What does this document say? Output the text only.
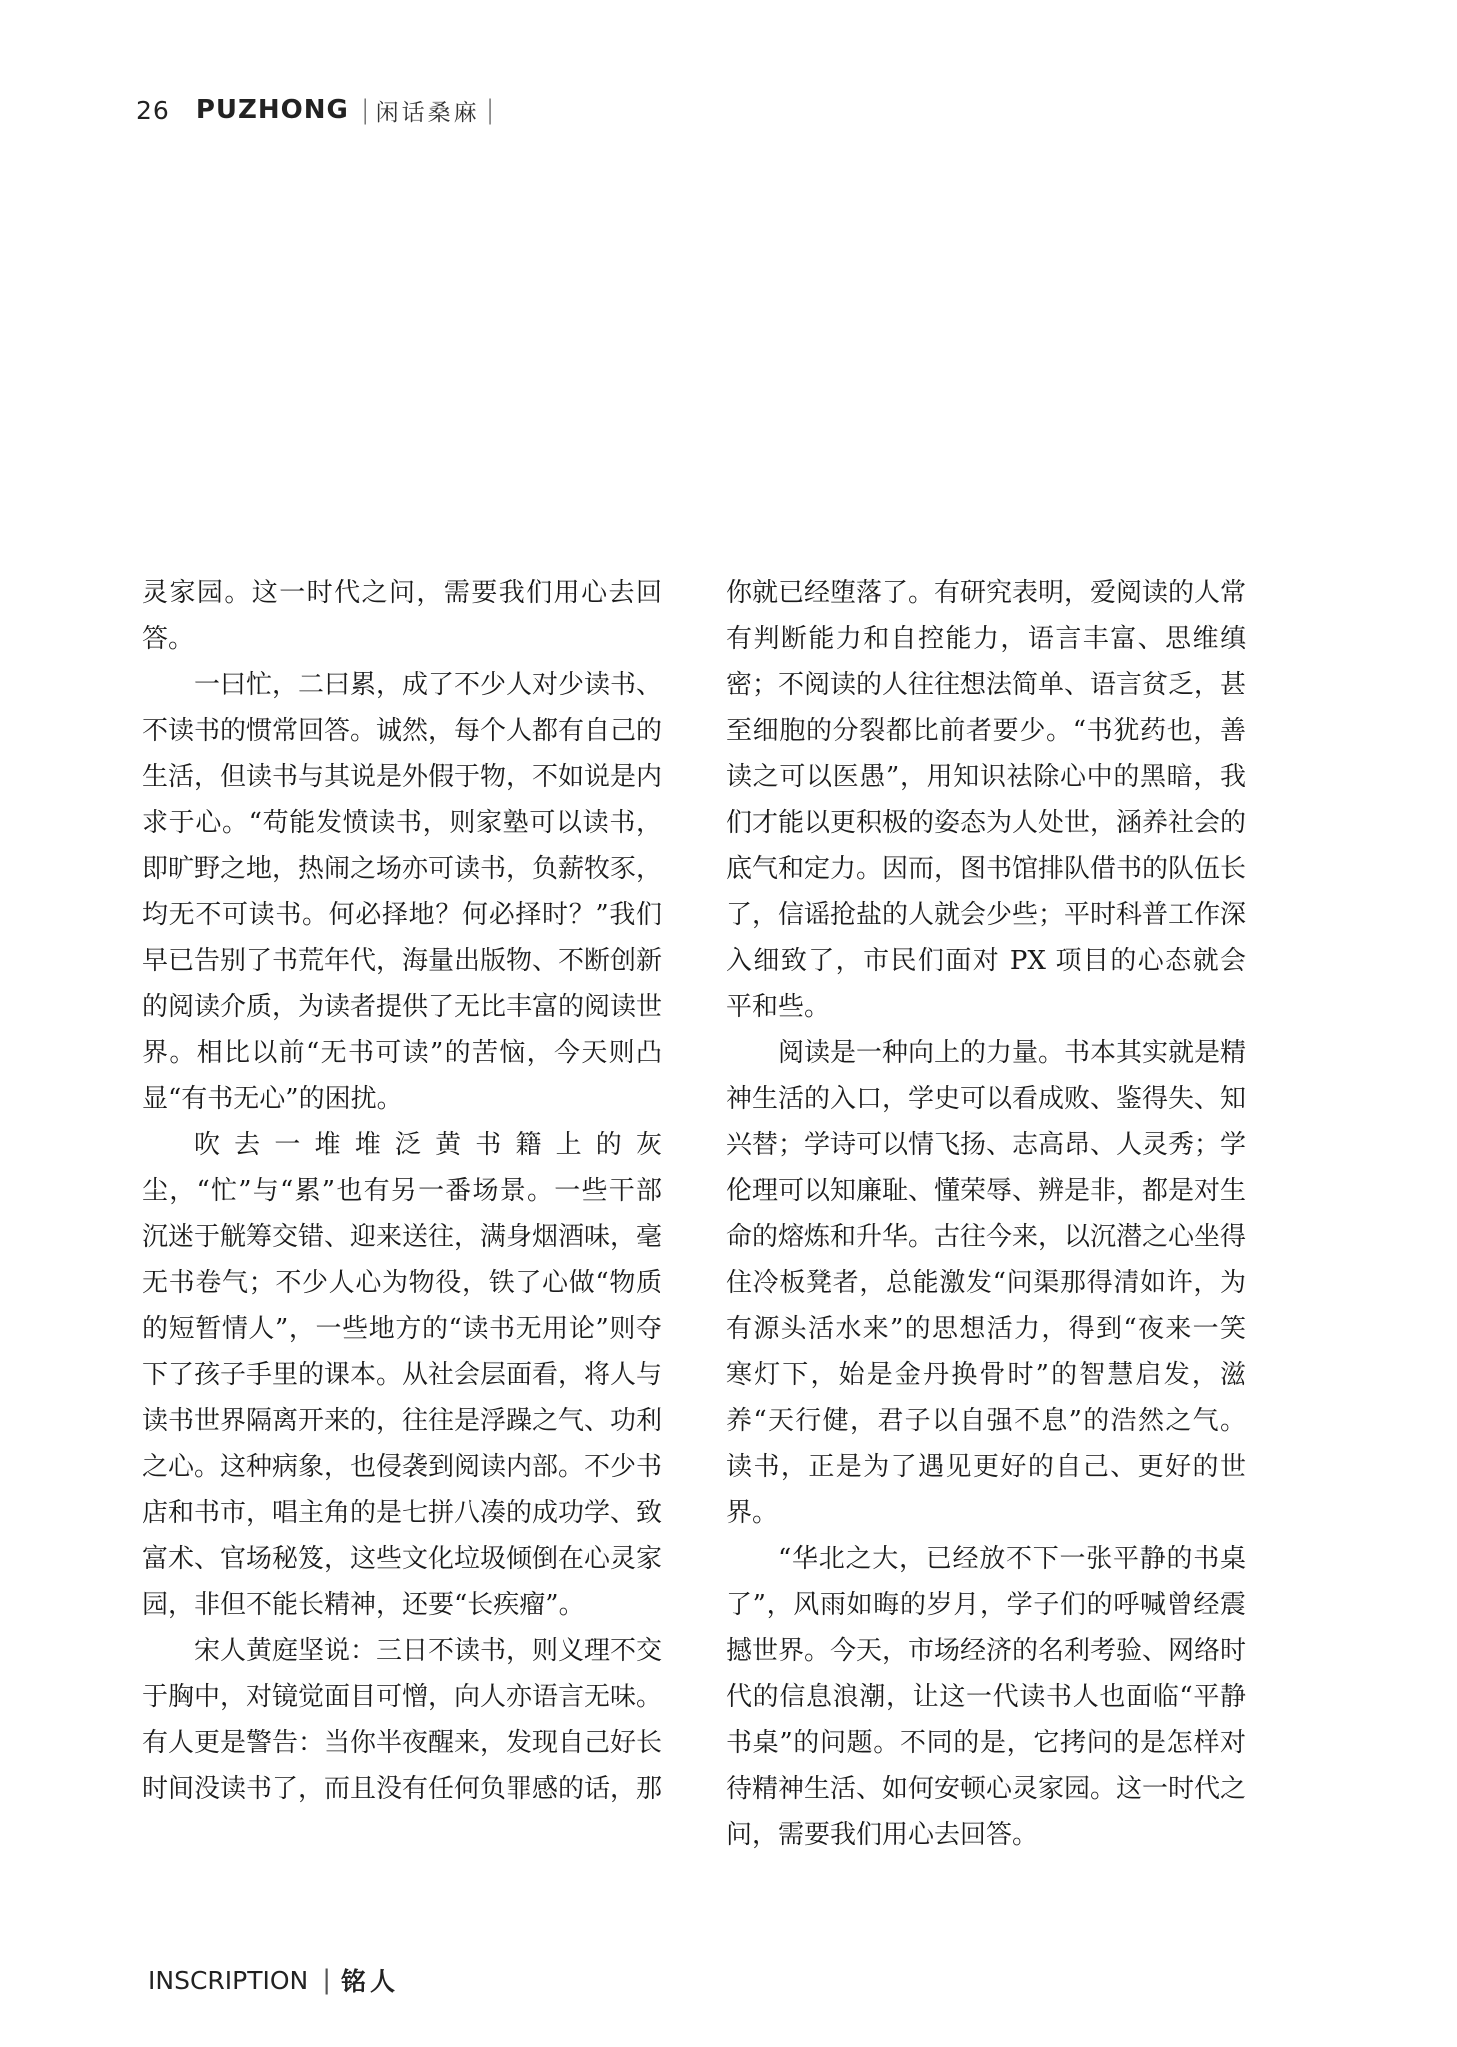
26 PUZHONG | 闲话桑麻 |

灵家园。这一时代之问，需要我们用心去回答。

一曰忙，二曰累，成了不少人对少读书、不读书的惯常回答。诚然，每个人都有自己的生活，但读书与其说是外假于物，不如说是内求于心。“苟能发愤读书，则家塾可以读书，即旷野之地，热闹之场亦可读书，负薪牧豕，均无不可读书。何必择地？何必择时？”我们早已告别了书荒年代，海量出版物、不断创新的阅读介质，为读者提供了无比丰富的阅读世界。相比以前“无书可读”的苦恼，今天则凸显“有书无心”的困扰。

吹去一堆堆泛黄书籍上的灰尘，“忙”与“累”也有另一番场景。一些干部沉迷于觥筹交错、迎来送往，满身烟酒味，毫无书卷气；不少人心为物役，铁了心做“物质的短暂情人”，一些地方的“读书无用论”则夺下了孩子手里的课本。从社会层面看，将人与读书世界隔离开来的，往往是浮躁之气、功利之心。这种病象，也侵袭到阅读内部。不少书店和书市，唱主角的是七拼八凑的成功学、致富术、官场秘笈，这些文化垃圾倾倒在心灵家园，非但不能长精神，还要“长疾瘤”。

宋人黄庭坚说：三日不读书，则义理不交于胸中，对镜觉面目可憎，向人亦语言无味。有人更是警告：当你半夜醒来，发现自己好长时间没读书了，而且没有任何负罪感的话，那

你就已经堕落了。有研究表明，爱阅读的人常有判断能力和自控能力，语言丰富、思维缜密；不阅读的人往往想法简单、语言贫乏，甚至细胞的分裂都比前者要少。“书犹药也，善读之可以医愚”，用知识祛除心中的黑暗，我们才能以更积极的姿态为人处世，涵养社会的底气和定力。因而，图书馆排队借书的队伍长了，信谣抢盐的人就会少些；平时科普工作深入细致了，市民们面对 PX 项目的心态就会平和些。

阅读是一种向上的力量。书本其实就是精神生活的入口，学史可以看成败、鉴得失、知兴替；学诗可以情飞扬、志高昂、人灵秀；学伦理可以知廉耻、懂荣辱、辨是非，都是对生命的熔炼和升华。古往今来，以沉潜之心坐得住冷板凳者，总能激发“问渠那得清如许，为有源头活水来”的思想活力，得到“夜来一笑寒灯下，始是金丹换骨时”的智慧启发，滋养“天行健，君子以自强不息”的浩然之气。读书，正是为了遇见更好的自己、更好的世界。

“华北之大，已经放不下一张平静的书桌了”，风雨如晦的岁月，学子们的呼喊曾经震撼世界。今天，市场经济的名利考验、网络时代的信息浪潮，让这一代读书人也面临“平静书桌”的问题。不同的是，它拷问的是怎样对待精神生活、如何安顿心灵家园。这一时代之问，需要我们用心去回答。

INSCRIPTION | 铭人
